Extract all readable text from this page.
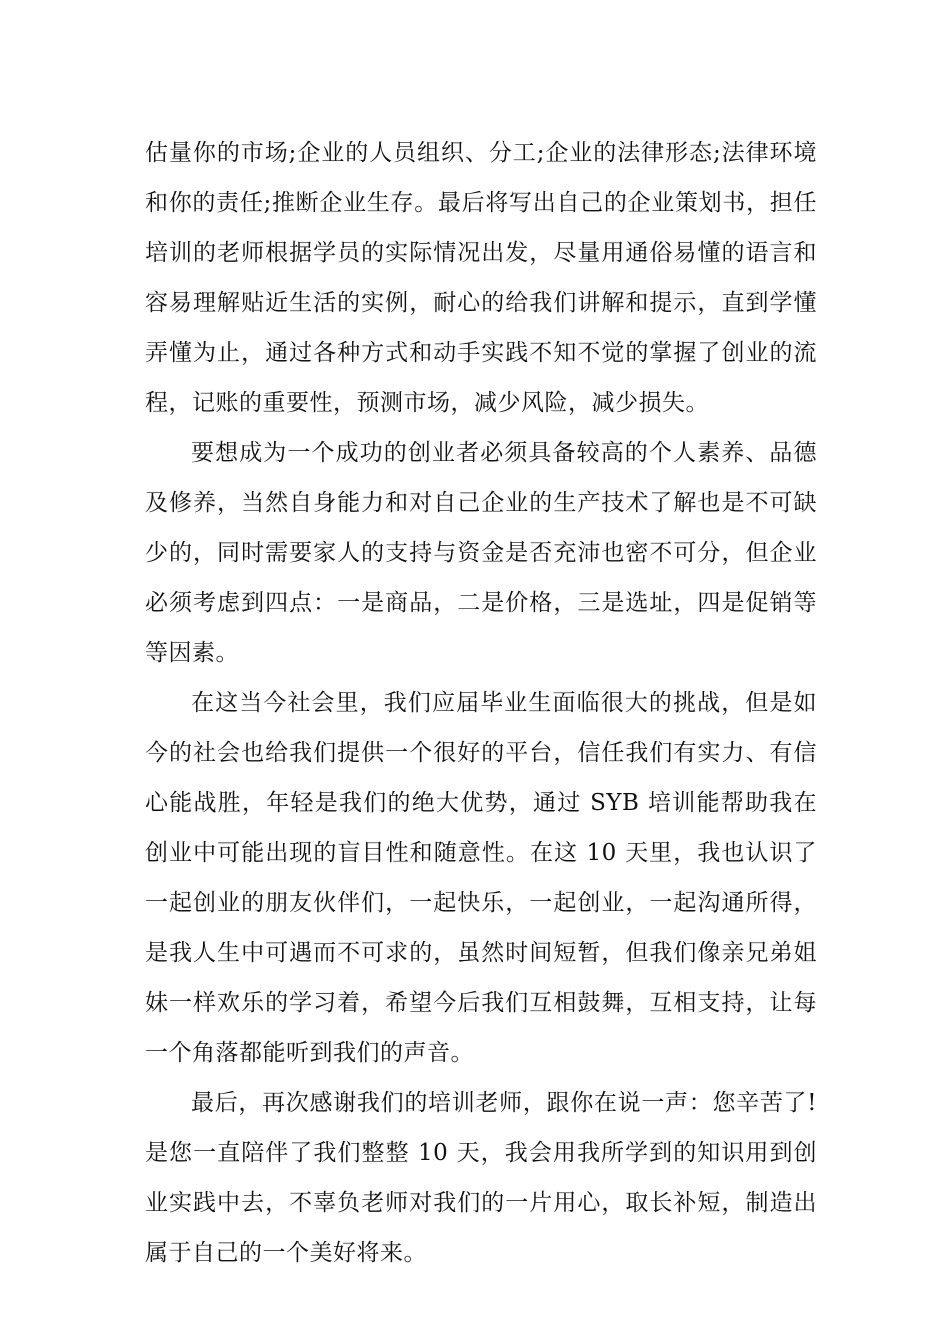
估量你的市场;企业的人员组织、分工;企业的法律形态;法律环境和你的责任;推断企业生存。最后将写出自己的企业策划书，担任培训的老师根据学员的实际情况出发，尽量用通俗易懂的语言和容易理解贴近生活的实例，耐心的给我们讲解和提示，直到学懂弄懂为止，通过各种方式和动手实践不知不觉的掌握了创业的流程，记账的重要性，预测市场，减少风险，减少损失。

要想成为一个成功的创业者必须具备较高的个人素养、品德及修养，当然自身能力和对自己企业的生产技术了解也是不可缺少的，同时需要家人的支持与资金是否充沛也密不可分，但企业必须考虑到四点：一是商品，二是价格，三是选址，四是促销等等因素。

在这当今社会里，我们应届毕业生面临很大的挑战，但是如今的社会也给我们提供一个很好的平台，信任我们有实力、有信心能战胜，年轻是我们的绝大优势，通过 SYB 培训能帮助我在创业中可能出现的盲目性和随意性。在这 10 天里，我也认识了一起创业的朋友伙伴们，一起快乐，一起创业，一起沟通所得，是我人生中可遇而不可求的，虽然时间短暂，但我们像亲兄弟姐妹一样欢乐的学习着，希望今后我们互相鼓舞，互相支持，让每一个角落都能听到我们的声音。

最后，再次感谢我们的培训老师，跟你在说一声：您辛苦了!是您一直陪伴了我们整整 10 天，我会用我所学到的知识用到创业实践中去，不辜负老师对我们的一片用心，取长补短，制造出属于自己的一个美好将来。
